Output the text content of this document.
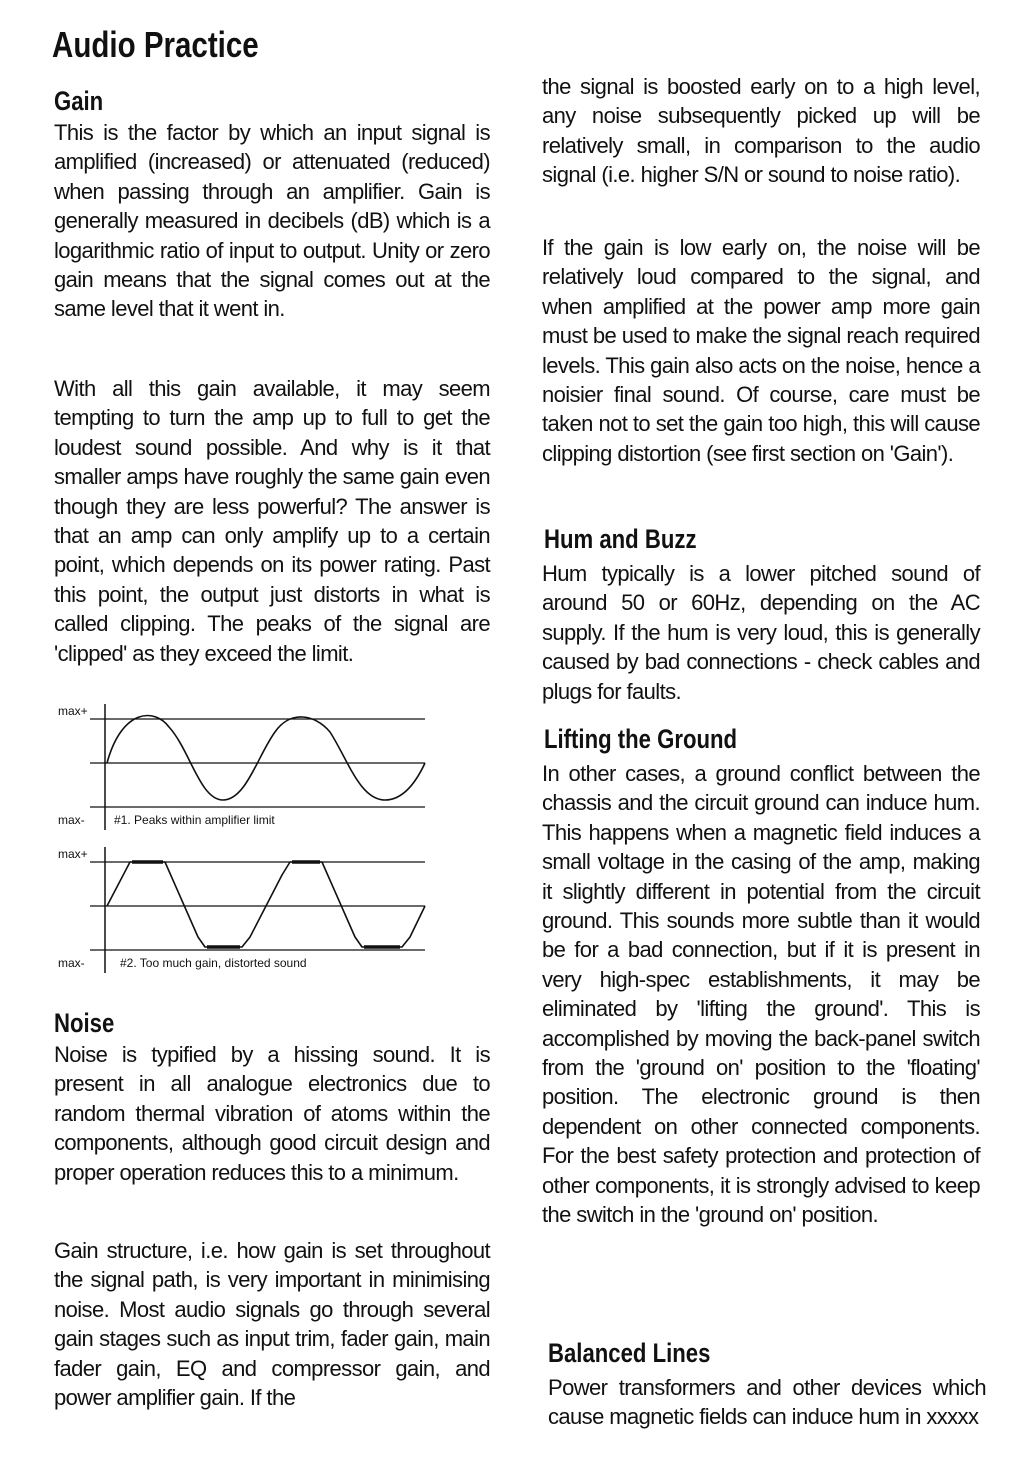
Audio Practice
Gain

This is the factor by which an input signal is amplified (increased) or attenuated (reduced) when passing through an amplifier. Gain is generally measured in decibels (dB) which is a logarithmic ratio of input to output. Unity or zero gain means that the signal comes out at the same level that it went in.

With all this gain available, it may seem tempting to turn the amp up to full to get the loudest sound possible. And why is it that smaller amps have roughly the same gain even though they are less powerful? The answer is that an amp can only amplify up to a certain point, which depends on its power rating. Past this point, the output just distorts in what is called clipping. The peaks of the signal are 'clipped' as they exceed the limit.

max+
max- #1. Peaks within amplifier limit
max+
max-	#2. Too much gain, distorted sound
Noise

Noise is typified by a hissing sound. It is present in all analogue electronics due to random thermal vibration of atoms within the components, although good circuit design and proper operation reduces this to a minimum.

Gain structure, i.e. how gain is set throughout the signal path, is very important in minimising noise. Most audio signals go through several gain stages such as input trim, fader gain, main fader gain, EQ and compressor gain, and power amplifier gain. If the

the signal is boosted early on to a high level, any noise subsequently picked up will be relatively small, in comparison to the audio signal (i.e. higher S/N or sound to noise ratio).

If the gain is low early on, the noise will be relatively loud compared to the signal, and when amplified at the power amp more gain must be used to make the signal reach required levels. This gain also acts on the noise, hence a noisier final sound. Of course, care must be taken not to set the gain too high, this will cause clipping distortion (see first section on 'Gain').

Hum and Buzz

Hum typically is a lower pitched sound of around 50 or 60Hz, depending on the AC supply. If the hum is very loud, this is generally caused by bad connections - check cables and plugs for faults.

Lifting the Ground

In other cases, a ground conflict between the chassis and the circuit ground can induce hum. This happens when a magnetic field induces a small voltage in the casing of the amp, making it slightly different in potential from the circuit ground. This sounds more subtle than it would be for a bad connection, but if it is present in very high-spec establishments, it may be eliminated by 'lifting the ground'. This is accomplished by moving the back-panel switch from the 'ground on' position to the 'floating' position. The electronic ground is then dependent on other connected components. For the best safety protection and protection of other components, it is strongly advised to keep the switch in the 'ground on' position.

Balanced Lines

Power transformers and other devices which cause magnetic fields can induce hum in xxxxx
